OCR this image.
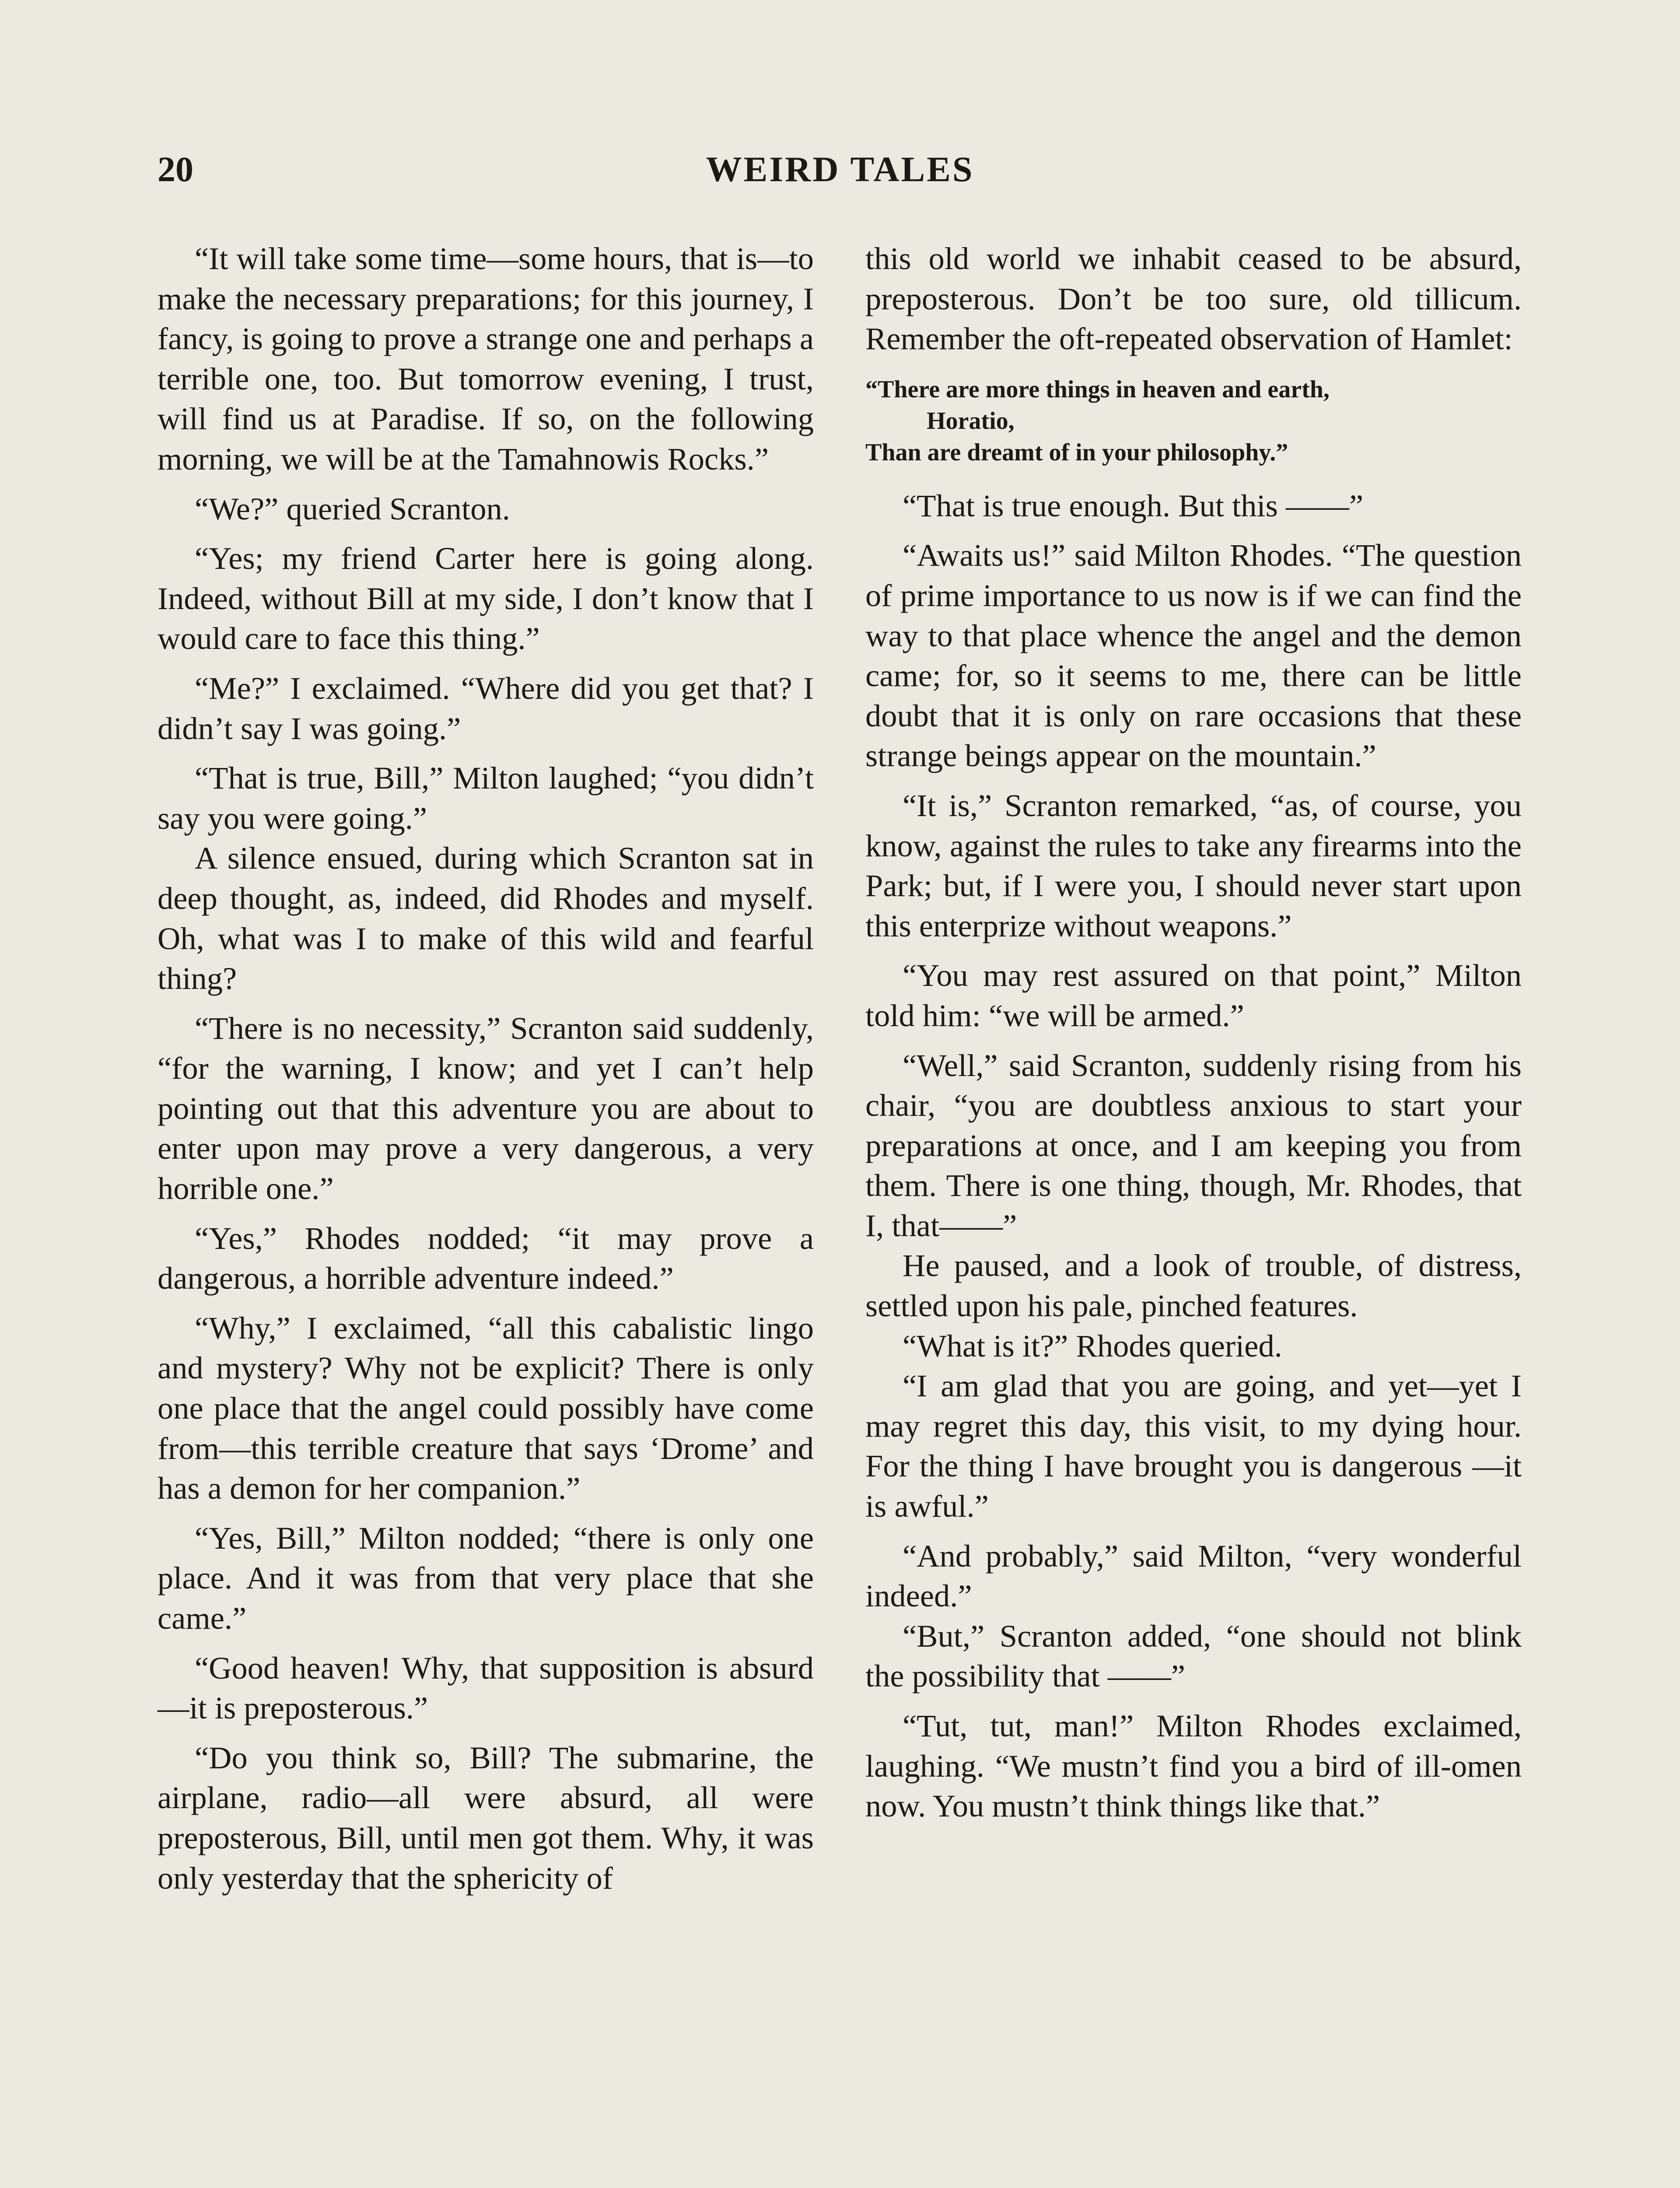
20	WEIRD TALES

“It will take some time—some hours, that is—to make the necessary preparations; for this journey, I fancy, is going to prove a strange one and perhaps a terrible one, too. But tomorrow evening, I trust, will find us at Paradise. If so, on the following morning, we will be at the Tamahnowis Rocks.”

“We?” queried Scranton.

“Yes; my friend Carter here is going along. Indeed, without Bill at my side, I don’t know that I would care to face this thing.”

“Me?” I exclaimed. “Where did you get that? I didn’t say I was going.”

“That is true, Bill,” Milton laughed; “you didn’t say you were going.”

A silence ensued, during which Scranton sat in deep thought, as, indeed, did Rhodes and myself. Oh, what was I to make of this wild and fearful thing?

“There is no necessity,” Scranton said suddenly, “for the warning, I know; and yet I can’t help pointing out that this adventure you are about to enter upon may prove a very dangerous, a very horrible one.”

“Yes,” Rhodes nodded; “it may prove a dangerous, a horrible adventure indeed.”

“Why,” I exclaimed, “all this cabalistic lingo and mystery? Why not be explicit? There is only one place that the angel could possibly have come from—this terrible creature that says ‘Drome’ and has a demon for her companion.”

“Yes, Bill,” Milton nodded; “there is only one place. And it was from that very place that she came.”

“Good heaven! Why, that supposition is absurd—it is preposterous.”

“Do you think so, Bill? The submarine, the airplane, radio—all were absurd, all were preposterous, Bill, until men got them. Why, it was only yesterday that the sphericity of

this old world we inhabit ceased to be absurd, preposterous. Don’t be too sure, old tillicum. Remember the oft-repeated observation of Hamlet:

“There are more things in heaven and earth,
Horatio,
Than are dreamt of in your philosophy.”

“That is true enough. But this ——”

“Awaits us!” said Milton Rhodes. “The question of prime importance to us now is if we can find the way to that place whence the angel and the demon came; for, so it seems to me, there can be little doubt that it is only on rare occasions that these strange beings appear on the mountain.”

“It is,” Scranton remarked, “as, of course, you know, against the rules to take any firearms into the Park; but, if I were you, I should never start upon this enterprize without weapons.”

“You may rest assured on that point,” Milton told him: “we will be armed.”

“Well,” said Scranton, suddenly rising from his chair, “you are doubtless anxious to start your preparations at once, and I am keeping you from them. There is one thing, though, Mr. Rhodes, that I, that——”

He paused, and a look of trouble, of distress, settled upon his pale, pinched features.

“What is it?” Rhodes queried.

“I am glad that you are going, and yet—yet I may regret this day, this visit, to my dying hour. For the thing I have brought you is dangerous —it is awful.”

“And probably,” said Milton, “very wonderful indeed.”

“But,” Scranton added, “one should not blink the possibility that ——”

“Tut, tut, man!” Milton Rhodes exclaimed, laughing. “We mustn’t find you a bird of ill-omen now. You mustn’t think things like that.”
